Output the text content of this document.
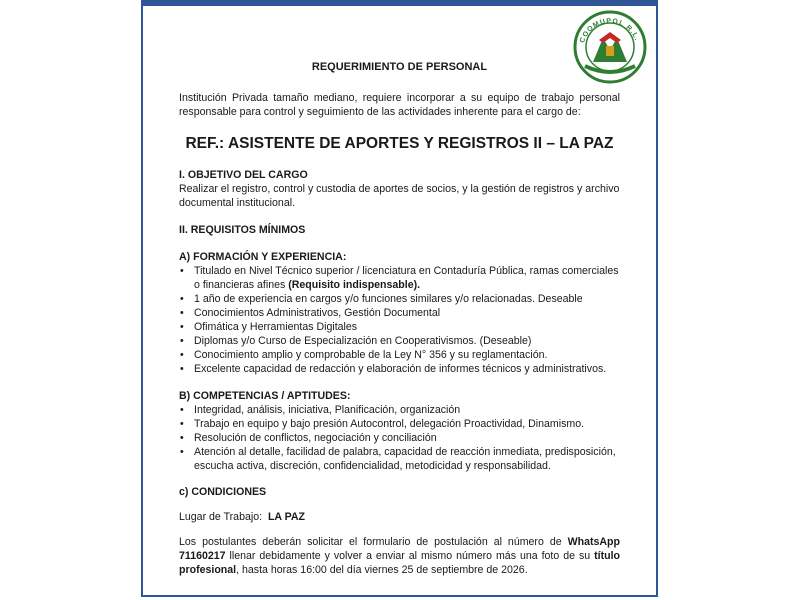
COOMUPOL R.L.

REQUERIMIENTO DE PERSONAL

Institución Privada tamaño mediano, requiere incorporar a su equipo de trabajo personal responsable para control y seguimiento de las actividades inherente para el cargo de:

REF.: ASISTENTE DE APORTES Y REGISTROS II – LA PAZ

I. OBJETIVO DEL CARGO

Realizar el registro, control y custodia de aportes de socios, y la gestión de registros y archivo documental institucional.

II. REQUISITOS MÍNIMOS

A) FORMACIÓN Y EXPERIENCIA:

• Titulado en Nivel Técnico superior / licenciatura en Contaduría Pública, ramas comerciales o financieras afines (Requisito indispensable).
• 1 año de experiencia en cargos y/o funciones similares y/o relacionadas. Deseable
• Conocimientos Administrativos, Gestión Documental
• Ofimática y Herramientas Digitales
• Diplomas y/o Curso de Especialización en Cooperativismos. (Deseable)
• Conocimiento amplio y comprobable de la Ley N° 356 y su reglamentación.
• Excelente capacidad de redacción y elaboración de informes técnicos y administrativos.

B) COMPETENCIAS / APTITUDES:

• Integridad, análisis, iniciativa, Planificación, organización
• Trabajo en equipo y bajo presión Autocontrol, delegación Proactividad, Dinamismo.
• Resolución de conflictos, negociación y conciliación
• Atención al detalle, facilidad de palabra, capacidad de reacción inmediata, predisposición, escucha activa, discreción, confidencialidad, metodicidad y responsabilidad.

c) CONDICIONES

Lugar de Trabajo: LA PAZ

Los postulantes deberán solicitar el formulario de postulación al número de WhatsApp 71160217 llenar debidamente y volver a enviar al mismo número más una foto de su título profesional, hasta horas 16:00 del día viernes 25 de septiembre de 2026.
